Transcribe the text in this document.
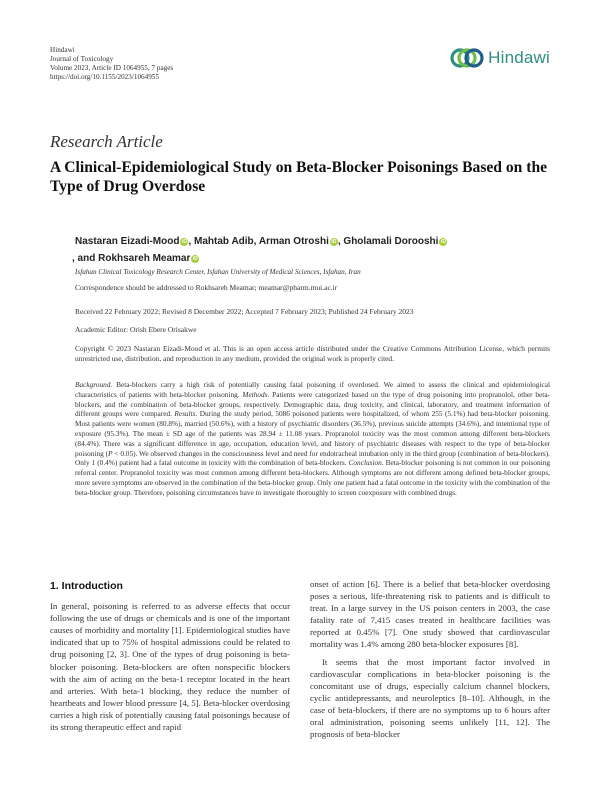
Hindawi
Journal of Toxicology
Volume 2023, Article ID 1064955, 7 pages
https://doi.org/10.1155/2023/1064955
Hindawi
Research Article
A Clinical-Epidemiological Study on Beta-Blocker Poisonings Based on the Type of Drug Overdose
Nastaran Eizadi-Mood iD , Mahtab Adib, Arman Otroshi iD , Gholamali Dorooshi iD
, and Rokhsareh Meamar iD
Isfahan Clinical Toxicology Research Center, Isfahan University of Medical Sciences, Isfahan, Iran
Correspondence should be addressed to Rokhsareh Meamar; meamar@pharm.mui.ac.ir
Received 22 February 2022; Revised 8 December 2022; Accepted 7 February 2023; Published 24 February 2023
Academic Editor: Orish Ebere Orisakwe
Copyright © 2023 Nastaran Eizadi-Mood et al. This is an open access article distributed under the Creative Commons Attribution License, which permits unrestricted use, distribution, and reproduction in any medium, provided the original work is properly cited.
Background. Beta-blockers carry a high risk of potentially causing fatal poisoning if overdosed. We aimed to assess the clinical and epidemiological characteristics of patients with beta-blocker poisoning. Methods. Patients were categorized based on the type of drug poisoning into propranolol, other beta-blockers, and the combination of beta-blocker groups, respectively. Demographic data, drug toxicity, and clinical, laboratory, and treatment information of different groups were compared. Results. During the study period, 5086 poisoned patients were hospitalized, of whom 255 (5.1%) had beta-blocker poisoning. Most patients were women (80.8%), married (50.6%), with a history of psychiatric disorders (36.5%), previous suicide attempts (34.6%), and intentional type of exposure (95.3%). The mean ± SD age of the patients was 28.94 ± 11.08 years. Propranolol toxicity was the most common among different beta-blockers (84.4%). There was a significant difference in age, occupation, education level, and history of psychiatric diseases with respect to the type of beta-blocker poisoning (P < 0.05). We observed changes in the consciousness level and need for endotracheal intubation only in the third group (combination of beta-blockers). Only 1 (0.4%) patient had a fatal outcome in toxicity with the combination of beta-blockers. Conclusion. Beta-blocker poisoning is not common in our poisoning referral center. Propranolol toxicity was most common among different beta-blockers. Although symptoms are not different among defined beta-blocker groups, more severe symptoms are observed in the combination of the beta-blocker group. Only one patient had a fatal outcome in the toxicity with the combination of the beta-blocker group. Therefore, poisoning circumstances have to investigate thoroughly to screen coexposure with combined drugs.
1. Introduction

In general, poisoning is referred to as adverse effects that occur following the use of drugs or chemicals and is one of the important causes of morbidity and mortality [1]. Epidemiological studies have indicated that up to 75% of hospital admissions could be related to drug poisoning [2, 3]. One of the types of drug poisoning is beta-blocker poisoning. Beta-blockers are often nonspecific blockers with the aim of acting on the beta-1 receptor located in the heart and arteries. With beta-1 blocking, they reduce the number of heartbeats and lower blood pressure [4, 5]. Beta-blocker overdosing carries a high risk of potentially causing fatal poisonings because of its strong therapeutic effect and rapid

onset of action [6]. There is a belief that beta-blocker overdosing poses a serious, life-threatening risk to patients and is difficult to treat. In a large survey in the US poison centers in 2003, the case fatality rate of 7,415 cases treated in healthcare facilities was reported at 0.45% [7]. One study showed that cardiovascular mortality was 1.4% among 280 beta-blocker exposures [8].

It seems that the most important factor involved in cardiovascular complications in beta-blocker poisoning is the concomitant use of drugs, especially calcium channel blockers, cyclic antidepressants, and neuroleptics [8–10]. Although, in the case of beta-blockers, if there are no symptoms up to 6 hours after oral administration, poisoning seems unlikely [11, 12]. The prognosis of beta-blocker
